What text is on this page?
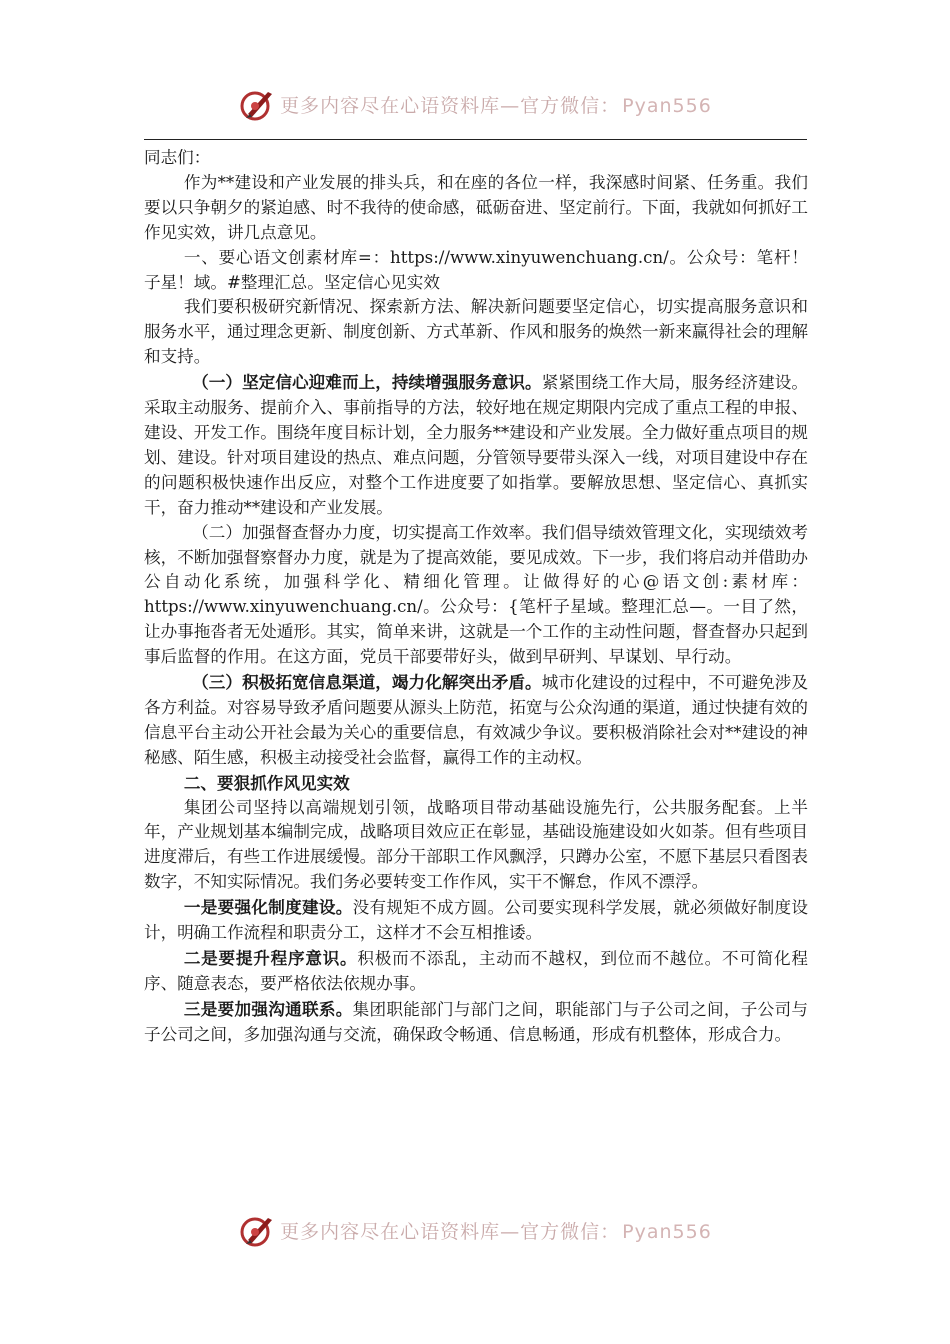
更多内容尽在心语资料库—官方微信： Pyan556

同志们：

作为**建设和产业发展的排头兵，和在座的各位一样，我深感时间紧、任务重。我们要以只争朝夕的紧迫感、时不我待的使命感，砥砺奋进、坚定前行。下面，我就如何抓好工作见实效，讲几点意见。

一、要心语文创素材库=：https://www.xinyuwenchuang.cn/。公众号：笔杆！子星！域。#整理汇总。坚定信心见实效

我们要积极研究新情况、探索新方法、解决新问题要坚定信心，切实提高服务意识和服务水平，通过理念更新、制度创新、方式革新、作风和服务的焕然一新来赢得社会的理解和支持。

（一）坚定信心迎难而上，持续增强服务意识。紧紧围绕工作大局，服务经济建设。采取主动服务、提前介入、事前指导的方法，较好地在规定期限内完成了重点工程的申报、建设、开发工作。围绕年度目标计划，全力服务**建设和产业发展。全力做好重点项目的规划、建设。针对项目建设的热点、难点问题，分管领导要带头深入一线，对项目建设中存在的问题积极快速作出反应，对整个工作进度要了如指掌。要解放思想、坚定信心、真抓实干，奋力推动**建设和产业发展。

（二）加强督查督办力度，切实提高工作效率。我们倡导绩效管理文化，实现绩效考核，不断加强督察督办力度，就是为了提高效能，要见成效。下一步，我们将启动并借助办公自动化系统，加强科学化、精细化管理。让做得好的心@语文创:素材库：https://www.xinyuwenchuang.cn/。公众号：{笔杆子星域。整理汇总—。一目了然，让办事拖沓者无处遁形。其实，简单来讲，这就是一个工作的主动性问题，督查督办只起到事后监督的作用。在这方面，党员干部要带好头，做到早研判、早谋划、早行动。

（三）积极拓宽信息渠道，竭力化解突出矛盾。城市化建设的过程中，不可避免涉及各方利益。对容易导致矛盾问题要从源头上防范，拓宽与公众沟通的渠道，通过快捷有效的信息平台主动公开社会最为关心的重要信息，有效减少争议。要积极消除社会对**建设的神秘感、陌生感，积极主动接受社会监督，赢得工作的主动权。

二、要狠抓作风见实效

集团公司坚持以高端规划引领，战略项目带动基础设施先行，公共服务配套。上半年，产业规划基本编制完成，战略项目效应正在彰显，基础设施建设如火如荼。但有些项目进度滞后，有些工作进展缓慢。部分干部职工作风飘浮，只蹲办公室，不愿下基层只看图表数字，不知实际情况。我们务必要转变工作作风，实干不懈怠，作风不漂浮。

一是要强化制度建设。没有规矩不成方圆。公司要实现科学发展，就必须做好制度设计，明确工作流程和职责分工，这样才不会互相推诿。

二是要提升程序意识。积极而不添乱，主动而不越权，到位而不越位。不可简化程序、随意表态，要严格依法依规办事。

三是要加强沟通联系。集团职能部门与部门之间，职能部门与子公司之间，子公司与子公司之间，多加强沟通与交流，确保政令畅通、信息畅通，形成有机整体，形成合力。

更多内容尽在心语资料库—官方微信： Pyan556
